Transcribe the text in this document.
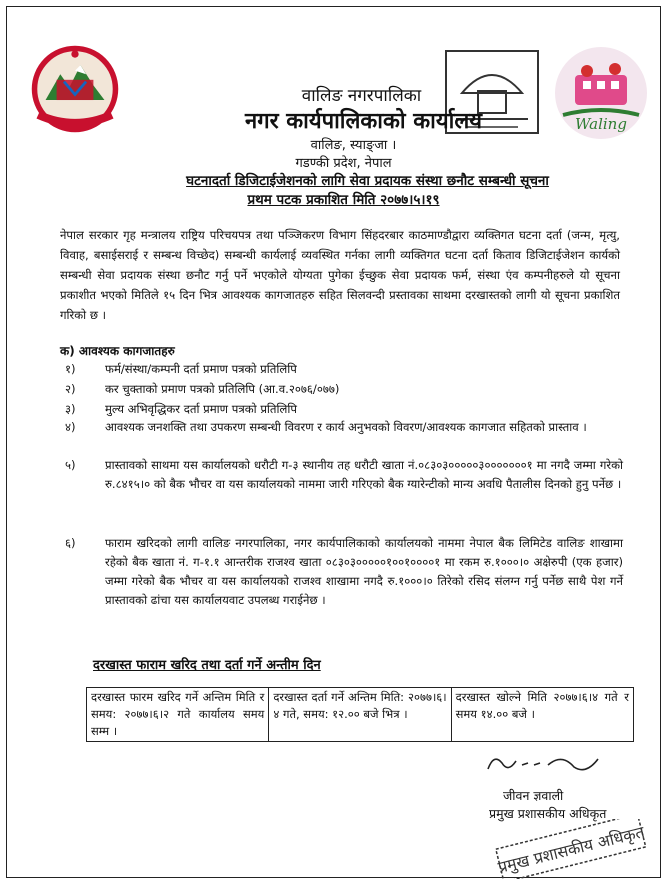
Waling
वालिङ नगरपालिका
नगर कार्यपालिकाको कार्यालय
वालिङ, स्याङ्जा ।
गडण्की प्रदेश, नेपाल
घटनादर्ता डिजिटाईजेशनको लागि सेवा प्रदायक संस्था छनौट सम्बन्धी सूचना
प्रथम पटक प्रकाशित मिति २०७७।५।१९
नेपाल सरकार गृह मन्त्रालय राष्ट्रिय परिचयपत्र तथा पञ्जिकरण विभाग सिंहदरबार काठमाण्डौद्वारा व्यक्तिगत घटना दर्ता (जन्म, मृत्यु, विवाह, बसाईसराई र सम्बन्ध विच्छेद) सम्बन्धी कार्यलाई व्यवस्थित गर्नका लागी व्यक्तिगत घटना दर्ता किताव डिजिटाईजेशन कार्यको सम्बन्धी सेवा प्रदायक संस्था छनौट गर्नु पर्ने भएकोले योग्यता पुगेका ईच्छुक सेवा प्रदायक फर्म, संस्था एंव कम्पनीहरुले यो सूचना प्रकाशीत भएको मितिले १५ दिन भित्र आवश्यक कागजातहरु सहित सिलवन्दी प्रस्तावका साथमा दरखास्तको लागी यो सूचना प्रकाशित गरिको छ ।
क) आवश्यक कागजातहरु
१)	फर्म/संस्था/कम्पनी दर्ता प्रमाण पत्रको प्रतिलिपि
२)	कर चुक्ताको प्रमाण पत्रको प्रतिलिपि (आ.व.२०७६/०७७)
३)	मुल्य अभिवृद्धिकर दर्ता प्रमाण पत्रको प्रतिलिपि
४)	आवश्यक जनशक्ति तथा उपकरण सम्बन्धी विवरण र कार्य अनुभवको विवरण/आवश्यक कागजात सहितको प्रास्ताव ।
५)	प्रास्तावको साथमा यस कार्यालयको धरौटी ग-३ स्थानीय तह धरौटी खाता नं.०८३०३०००००३०००००००१ मा नगदै जम्मा गरेको रु.८४१५।० को बैक भौचर वा यस कार्यालयको नाममा जारी गरिएको बैक ग्यारेन्टीको मान्य अवधि पैतालीस दिनको हुनु पर्नेछ ।
६)	फाराम खरिदको लागी वालिङ नगरपालिका, नगर कार्यपालिकाको कार्यालयको नाममा नेपाल बैक लिमिटेड वालिङ शाखामा रहेको बैक खाता नं. ग-१.१ आन्तरीक राजश्व खाता ०८३०३०००००१००१००००१ मा रकम रु.१०००।० अक्षेरुपी (एक हजार) जम्मा गरेको बैक भौचर वा यस कार्यालयको राजश्व शाखामा नगदै रु.१०००।० तिरेको रसिद संलग्न गर्नु पर्नेछ साथै पेश गर्ने प्रास्तावको ढांचा यस कार्यालयवाट उपलब्ध गराईनेछ ।
दरखास्त फाराम खरिद तथा दर्ता गर्ने अन्तीम दिन
दरखास्त फारम खरिद गर्ने अन्तिम मिति र समय: २०७७।६।२ गते कार्यालय समय सम्म ।	दरखास्त दर्ता गर्ने अन्तिम मिति: २०७७।६।४ गते, समय: १२.०० बजे भित्र ।	दरखास्त खोल्ने मिति २०७७।६।४ गते र समय १४.०० बजे ।
जीवन ज्ञवाली
प्रमुख प्रशासकीय अधिकृत
प्रमुख प्रशासकीय अधिकृत
